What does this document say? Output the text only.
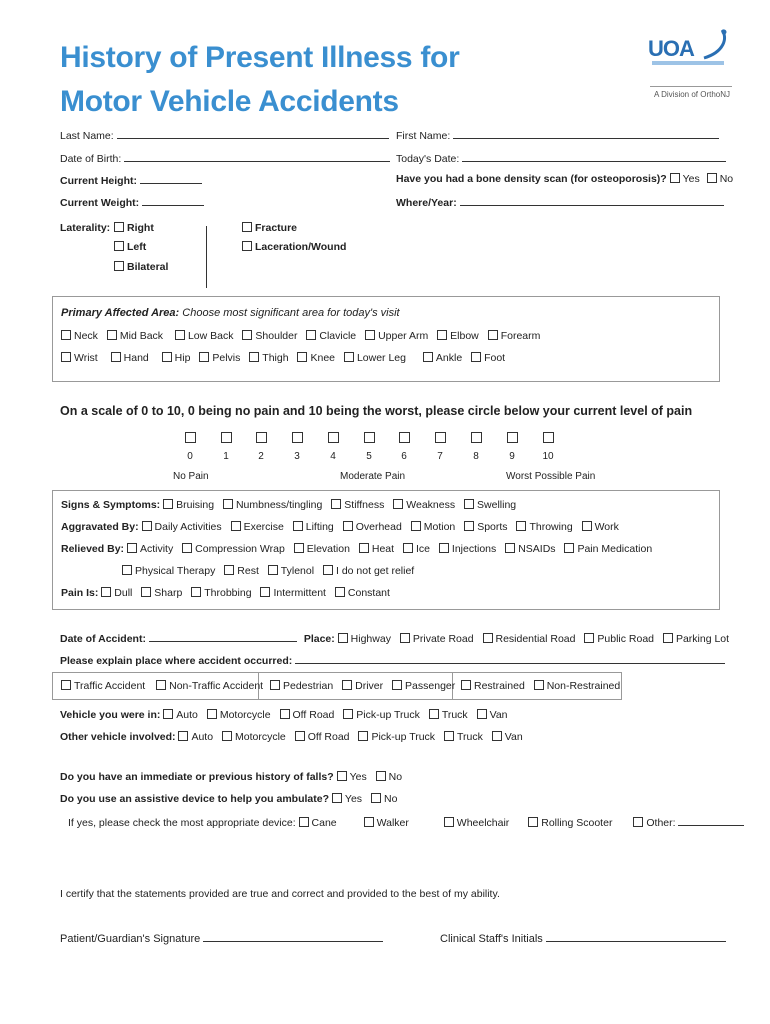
History of Present Illness for
Motor Vehicle Accidents
UOA
A Division of OrthoNJ
Last Name:	First Name:
Date of Birth:	Today's Date:
Current Height:	Have you had a bone density scan (for osteoporosis)? Yes No
Current Weight:	Where/Year:
Laterality:	Right
Left
Bilateral
Fracture
Laceration/Wound
Primary Affected Area: Choose most significant area for today's visit
Neck Mid Back Low Back Shoulder Clavicle Upper Arm Elbow Forearm
Wrist Hand Hip Pelvis Thigh Knee Lower Leg	Ankle Foot
On a scale of 0 to 10, 0 being no pain and 10 being the worst, please circle below your current level of pain
0	1	2	3	4	5	6	7	8	9	10
No Pain	Moderate Pain	Worst Possible Pain
Signs & Symptoms: Bruising Numbness/tingling Stiffness Weakness Swelling
Aggravated By: Daily Activities Exercise Lifting Overhead Motion Sports Throwing Work
Relieved By: Activity Compression Wrap Elevation Heat Ice Injections NSAIDs Pain Medication
Physical Therapy Rest Tylenol I do not get relief
Pain Is: Dull Sharp Throbbing Intermittent Constant
Date of Accident:	Place: Highway Private Road Residential Road Public Road Parking Lot
Please explain place where accident occurred:
Traffic Accident Non-Traffic Accident	Pedestrian Driver Passenger	Restrained Non-Restrained
Vehicle you were in: Auto Motorcycle Off Road Pick-up Truck Truck Van
Other vehicle involved: Auto Motorcycle Off Road Pick-up Truck Truck Van
Do you have an immediate or previous history of falls? Yes No
Do you use an assistive device to help you ambulate? Yes No
If yes, please check the most appropriate device: Cane	Walker	Wheelchair	Rolling Scooter	Other:
I certify that the statements provided are true and correct and provided to the best of my ability.
Patient/Guardian's Signature	Clinical Staff's Initials
